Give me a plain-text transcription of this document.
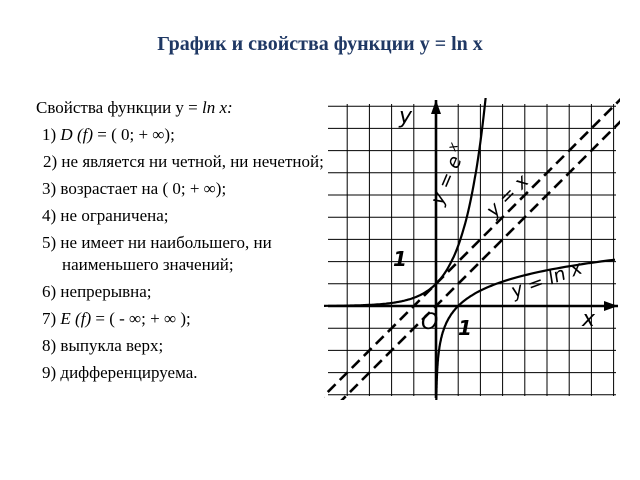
График и свойства функции у = ln x
Свойства функции у = ln x:
1) D (f) = ( 0; + ∞);
2) не является ни четной, ни нечетной;
3) возрастает на ( 0; + ∞);
4) не ограничена;
5) не имеет ни наибольшего, ни наименьшего значений;
6) непрерывна;
7) E (f) = ( - ∞; + ∞ );
8) выпукла верх;
9) дифференцируема.
y
x
O
1
1
y = e
x
y = x
y = ln x
